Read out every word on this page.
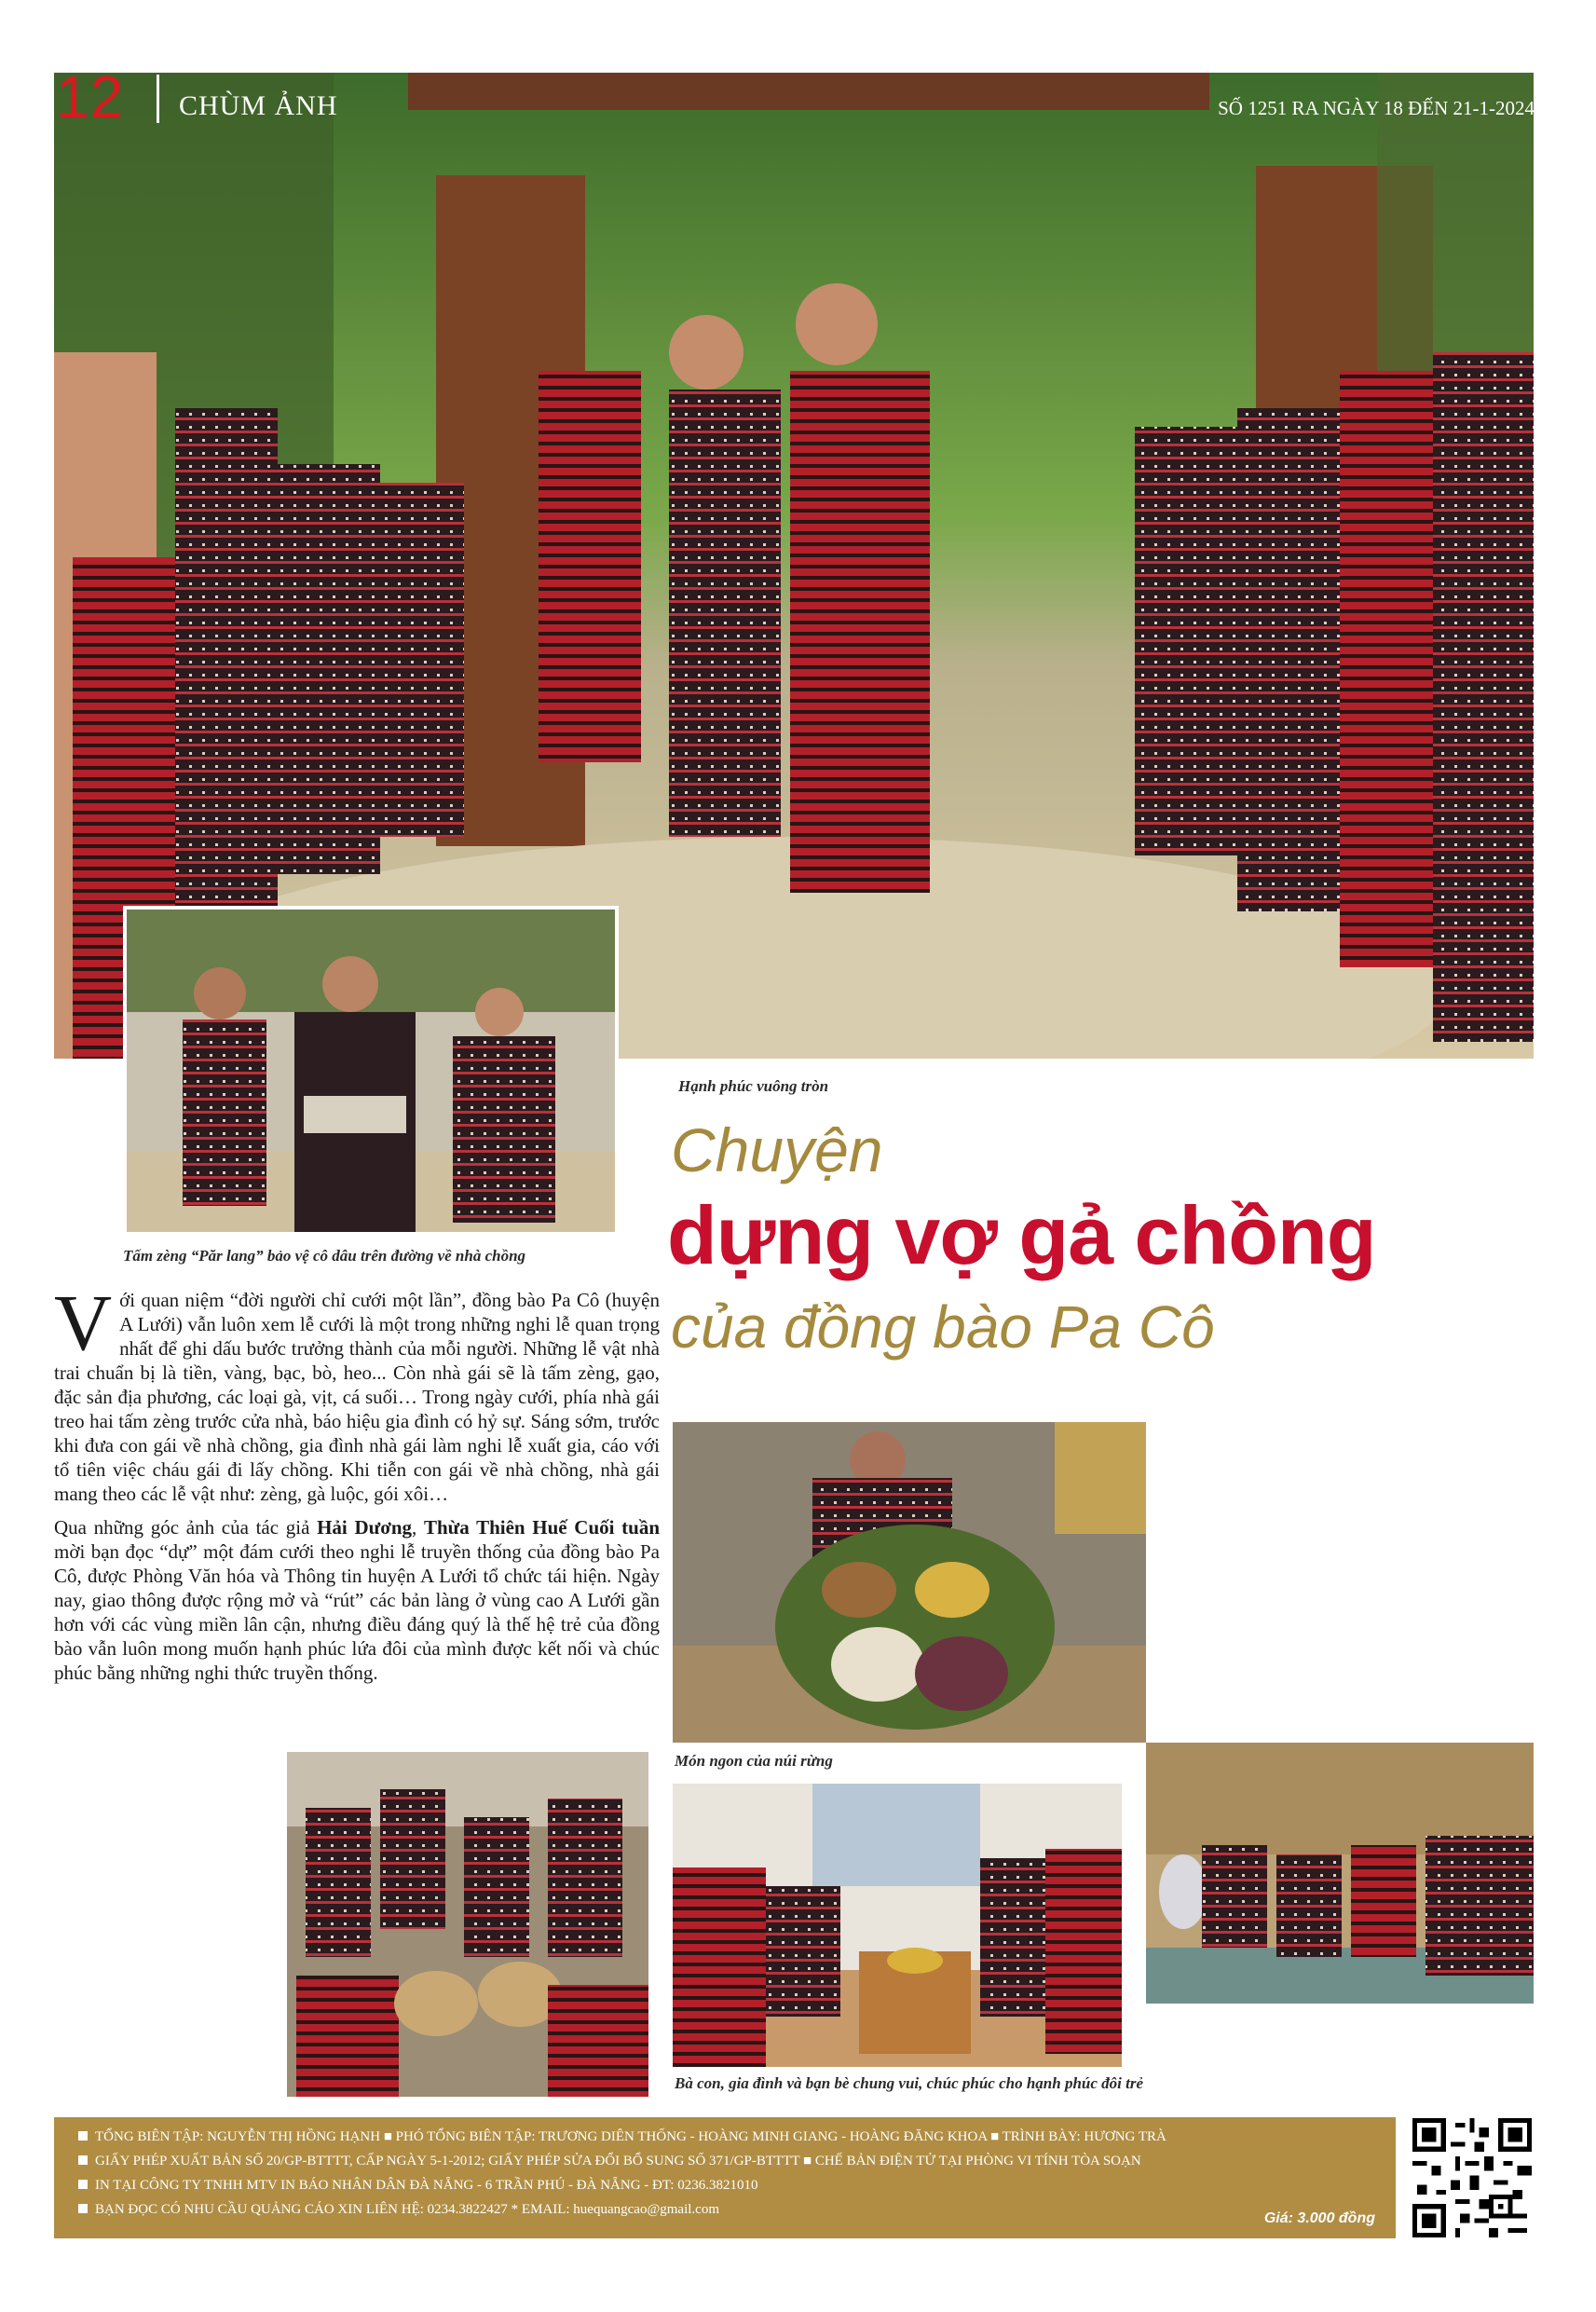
12 CHÙM ẢNH	SỐ 1251 RA NGÀY 18 ĐẾN 21-1-2024
Hạnh phúc vuông tròn
Tấm zèng “Păr lang” bảo vệ cô dâu trên đường về nhà chồng
Chuyện
dựng vợ gả chồng
của đồng bào Pa Cô

Với quan niệm “đời người chỉ cưới một lần”, đồng bào Pa Cô (huyện A Lưới) vẫn luôn xem lễ cưới là một trong những nghi lễ quan trọng nhất để ghi dấu bước trưởng thành của mỗi người. Những lễ vật nhà trai chuẩn bị là tiền, vàng, bạc, bò, heo... Còn nhà gái sẽ là tấm zèng, gạo, đặc sản địa phương, các loại gà, vịt, cá suối… Trong ngày cưới, phía nhà gái treo hai tấm zèng trước cửa nhà, báo hiệu gia đình có hỷ sự. Sáng sớm, trước khi đưa con gái về nhà chồng, gia đình nhà gái làm nghi lễ xuất gia, cáo với tổ tiên việc cháu gái đi lấy chồng. Khi tiễn con gái về nhà chồng, nhà gái mang theo các lễ vật như: zèng, gà luộc, gói xôi…

Qua những góc ảnh của tác giả Hải Dương, Thừa Thiên Huế Cuối tuần mời bạn đọc “dự” một đám cưới theo nghi lễ truyền thống của đồng bào Pa Cô, được Phòng Văn hóa và Thông tin huyện A Lưới tổ chức tái hiện. Ngày nay, giao thông được rộng mở và “rút” các bản làng ở vùng cao A Lưới gần hơn với các vùng miền lân cận, nhưng điều đáng quý là thế hệ trẻ của đồng bào vẫn luôn mong muốn hạnh phúc lứa đôi của mình được kết nối và chúc phúc bằng những nghi thức truyền thống.

Món ngon của núi rừng
Bà con, gia đình và bạn bè chung vui, chúc phúc cho hạnh phúc đôi trẻ
TỔNG BIÊN TẬP: NGUYỄN THỊ HỒNG HẠNH ■ PHÓ TỔNG BIÊN TẬP: TRƯƠNG DIÊN THỐNG - HOÀNG MINH GIANG - HOÀNG ĐĂNG KHOA ■ TRÌNH BÀY: HƯƠNG TRÀ
GIẤY PHÉP XUẤT BẢN SỐ 20/GP-BTTTT, CẤP NGÀY 5-1-2012; GIẤY PHÉP SỬA ĐỔI BỔ SUNG SỐ 371/GP-BTTTT ■ CHẾ BẢN ĐIỆN TỬ TẠI PHÒNG VI TÍNH TÒA SOẠN
IN TẠI CÔNG TY TNHH MTV IN BÁO NHÂN DÂN ĐÀ NẴNG - 6 TRẦN PHÚ - ĐÀ NẴNG - ĐT: 0236.3821010
BẠN ĐỌC CÓ NHU CẦU QUẢNG CÁO XIN LIÊN HỆ: 0234.3822427 * EMAIL: huequangcao@gmail.com
Giá: 3.000 đồng
